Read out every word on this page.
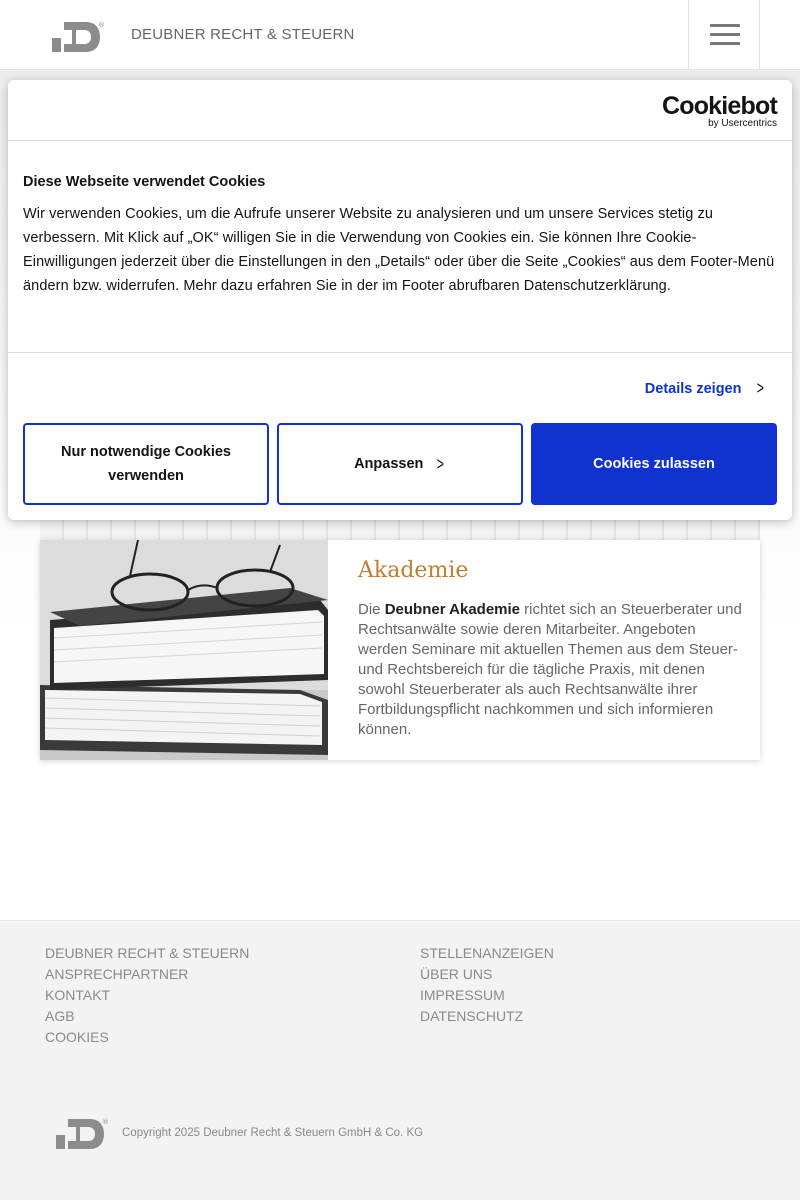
®
DEUBNER RECHT & STEUERN
Akademie
Die Deubner Akademie richtet sich an Steuerberater und Rechtsanwälte sowie deren Mitarbeiter. Angeboten werden Seminare mit aktuellen Themen aus dem Steuer- und Rechtsbereich für die tägliche Praxis, mit denen sowohl Steuerberater als auch Rechtsanwälte ihrer Fortbildungspflicht nachkommen und sich informieren können.
DEUBNER RECHT & STEUERN
ANSPRECHPARTNER
KONTAKT
AGB
COOKIES
STELLENANZEIGEN
ÜBER UNS
IMPRESSUM
DATENSCHUTZ
®
Copyright 2025 Deubner Recht & Steuern GmbH & Co. KG
Cookiebot
by Usercentrics
Diese Webseite verwendet Cookies
Wir verwenden Cookies, um die Aufrufe unserer Website zu analysieren und um unsere Services stetig zu verbessern. Mit Klick auf „OK“ willigen Sie in die Verwendung von Cookies ein. Sie können Ihre Cookie-Einwilligungen jederzeit über die Einstellungen in den „Details“ oder über die Seite „Cookies“ aus dem Footer-Menü ändern bzw. widerrufen. Mehr dazu erfahren Sie in der im Footer abrufbaren Datenschutzerklärung.
Details zeigen >
Nur notwendige Cookies verwenden
Anpassen >	Cookies zulassen
